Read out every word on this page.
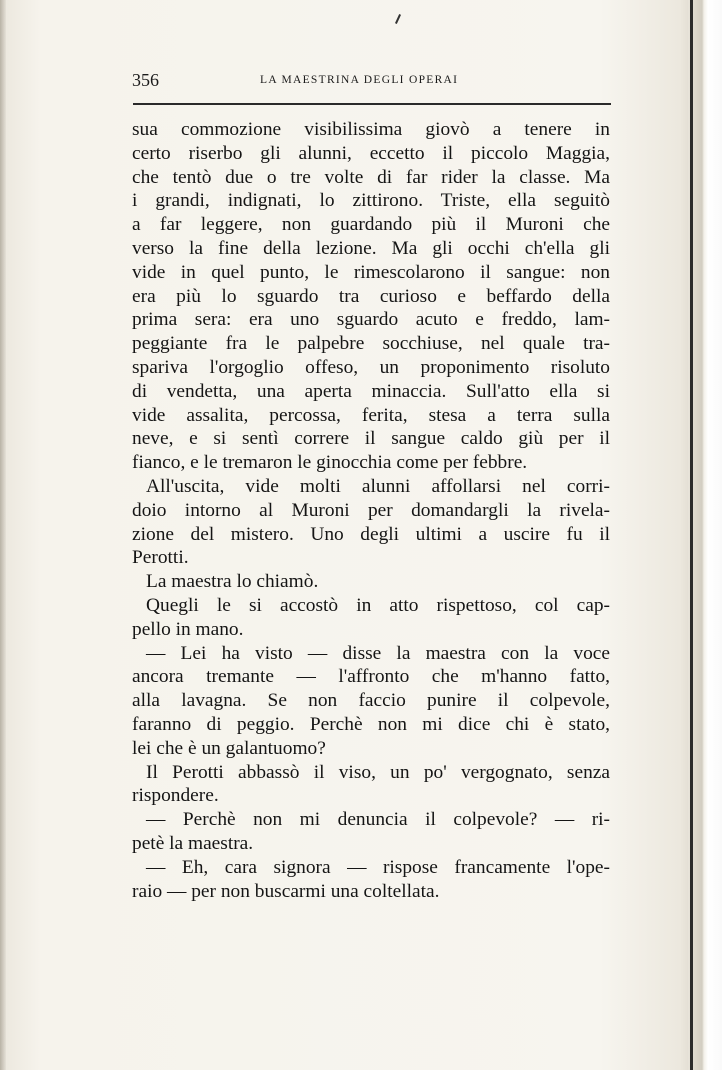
356	LA MAESTRINA DEGLI OPERAI
sua commozione visibilissima giovò a tenere in
certo riserbo gli alunni, eccetto il piccolo Maggia,
che tentò due o tre volte di far rider la classe. Ma
i grandi, indignati, lo zittirono. Triste, ella seguitò
a far leggere, non guardando più il Muroni che
verso la fine della lezione. Ma gli occhi ch'ella gli
vide in quel punto, le rimescolarono il sangue: non
era più lo sguardo tra curioso e beffardo della
prima sera: era uno sguardo acuto e freddo, lam-
peggiante fra le palpebre socchiuse, nel quale tra-
spariva l'orgoglio offeso, un proponimento risoluto
di vendetta, una aperta minaccia. Sull'atto ella si
vide assalita, percossa, ferita, stesa a terra sulla
neve, e si sentì correre il sangue caldo giù per il
fianco, e le tremaron le ginocchia come per febbre.
All'uscita, vide molti alunni affollarsi nel corri-
doio intorno al Muroni per domandargli la rivela-
zione del mistero. Uno degli ultimi a uscire fu il
Perotti.
La maestra lo chiamò.
Quegli le si accostò in atto rispettoso, col cap-
pello in mano.
— Lei ha visto — disse la maestra con la voce
ancora tremante — l'affronto che m'hanno fatto,
alla lavagna. Se non faccio punire il colpevole,
faranno di peggio. Perchè non mi dice chi è stato,
lei che è un galantuomo?
Il Perotti abbassò il viso, un po' vergognato, senza
rispondere.
— Perchè non mi denuncia il colpevole? — ri-
petè la maestra.
— Eh, cara signora — rispose francamente l'ope-
raio — per non buscarmi una coltellata.
